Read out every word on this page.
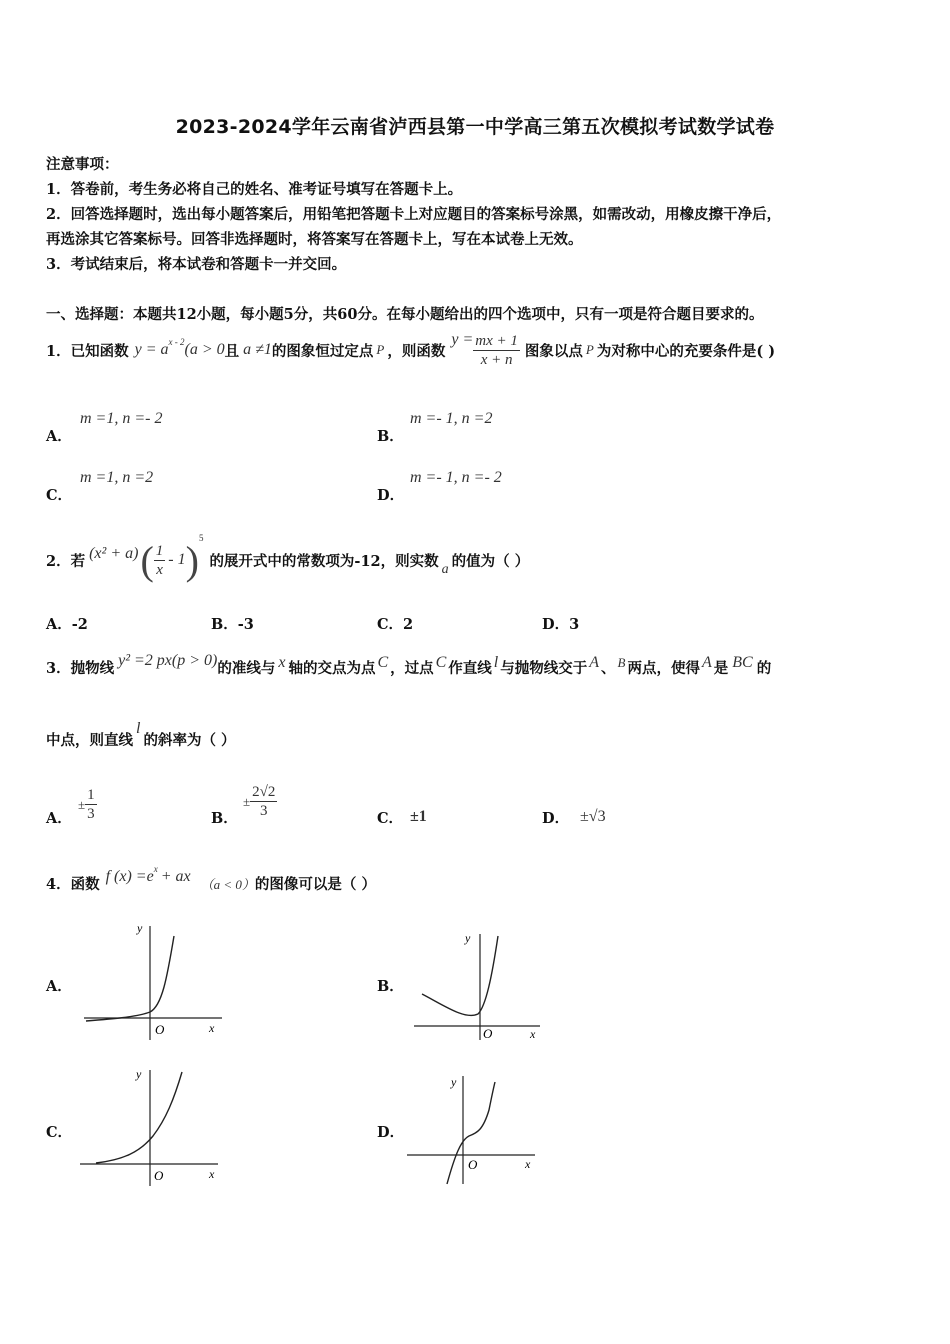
2023-2024学年云南省泸西县第一中学高三第五次模拟考试数学试卷
注意事项：
1．答卷前，考生务必将自己的姓名、准考证号填写在答题卡上。
2．回答选择题时，选出每小题答案后，用铅笔把答题卡上对应题目的答案标号涂黑，如需改动，用橡皮擦干净后，
再选涂其它答案标号。回答非选择题时，将答案写在答题卡上，写在本试卷上无效。
3．考试结束后，将本试卷和答题卡一并交回。
一、选择题：本题共12小题，每小题5分，共60分。在每小题给出的四个选项中，只有一项是符合题目要求的。
1．已知函数 y = a x - 2 (a > 0 且 a ≠1 的图象恒过定点 P ，则函数
$y = \frac{mx + 1}{x + n}$ 图象以点 P 为对称中心的充要条件是( )
A．
m =1, n =- 2
B．
m =- 1, n =2
C．
m =1, n =2
D．
m =- 1, n =- 2
2．若 (x² + a) ( $\frac{1}{x} - 1$ ) 5
的展开式中的常数项为-12，则实数 a 的值为（ ）
A．-2	B．-3	C．2	D．3
3．抛物线 y² =2 px(p > 0) 的准线与 x 轴的交点为点 C ，过点 C 作直线 l 与抛物线交于 A 、 B 两点，使得 A 是 BC 的
中点，则直线
l
的斜率为（ ）
A．
± $\frac{1}{3}$	B．
± $\frac{2√2}{3}$	C． ±1	D． ±√3
4．函数 f (x) =e x + ax （a < 0） 的图像可以是（ ）
A．
y
x
O
B．
y
x
O
C．
y
x
O
D．
y
x
O
